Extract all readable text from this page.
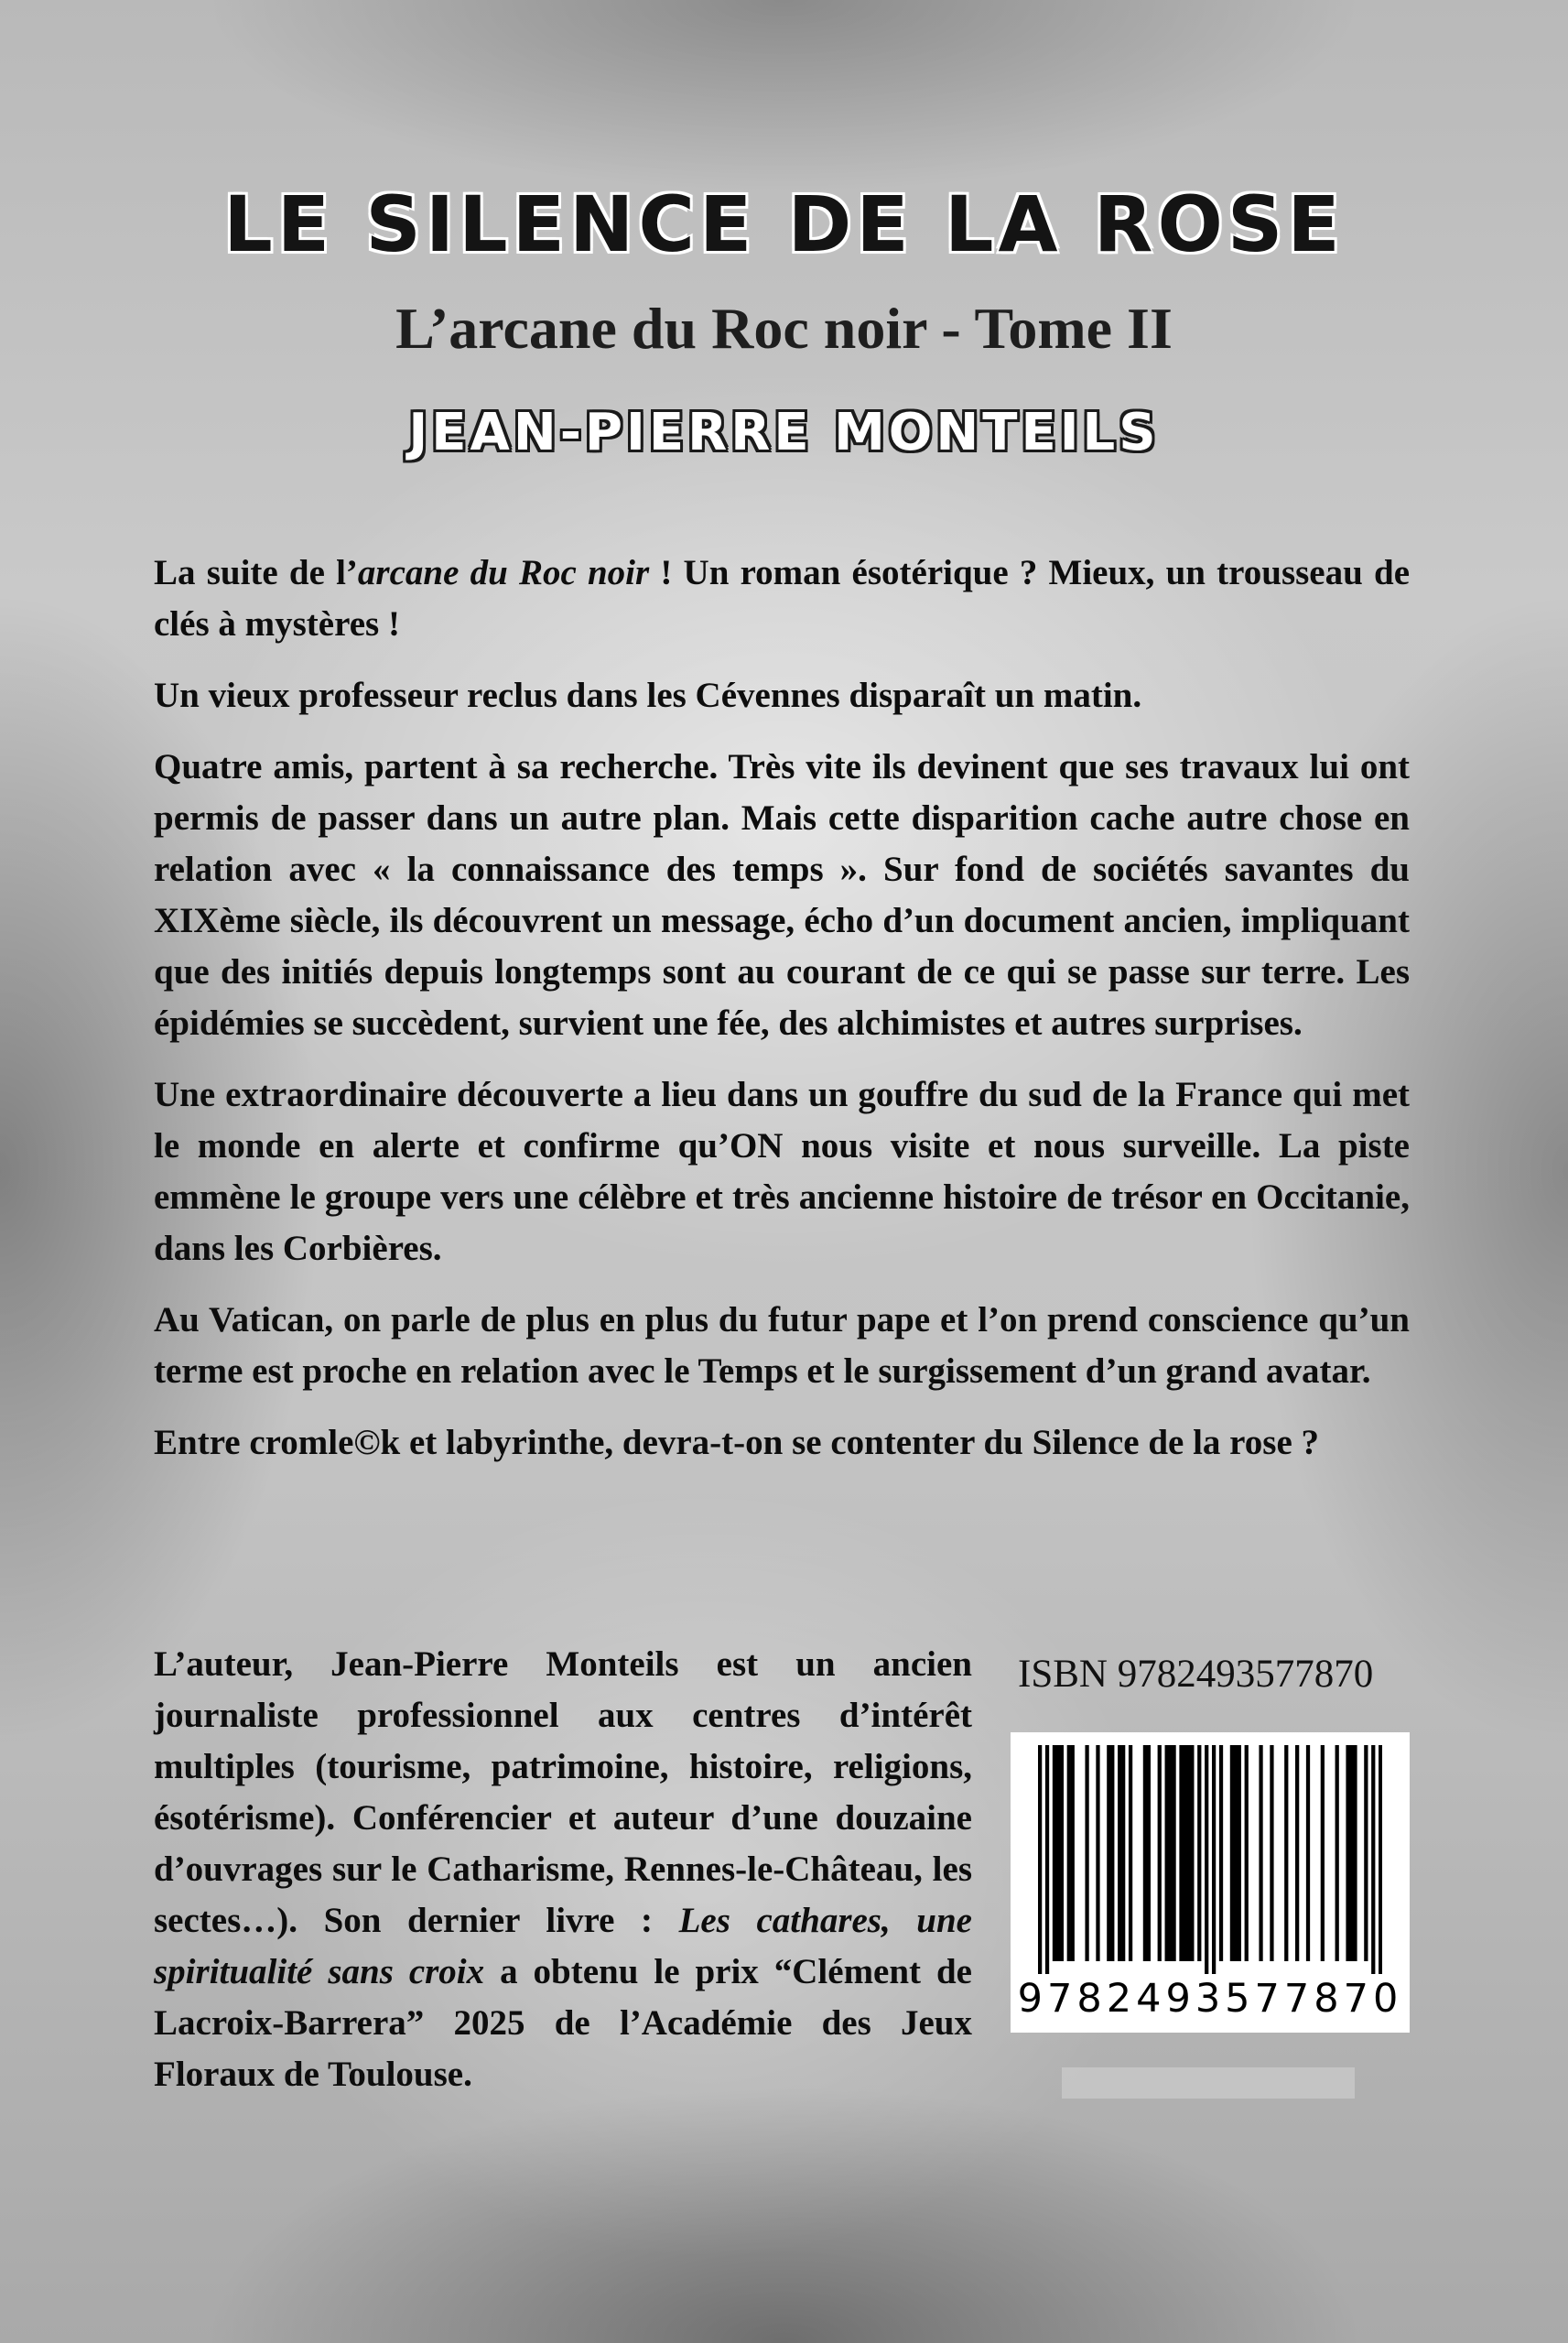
LE SILENCE DE LA ROSE
L’arcane du Roc noir - Tome II
JEAN-PIERRE MONTEILS

La suite de l’arcane du Roc noir ! Un roman ésotérique ? Mieux, un trousseau de clés à mystères !

Un vieux professeur reclus dans les Cévennes disparaît un matin.

Quatre amis, partent à sa recherche. Très vite ils devinent que ses travaux lui ont permis de passer dans un autre plan. Mais cette disparition cache autre chose en relation avec « la connaissance des temps ». Sur fond de sociétés savantes du XIXème siècle, ils découvrent un message, écho d’un document ancien, impliquant que des initiés depuis longtemps sont au courant de ce qui se passe sur terre. Les épidémies se succèdent, survient une fée, des alchimistes et autres surprises.

Une extraordinaire découverte a lieu dans un gouffre du sud de la France qui met le monde en alerte et confirme qu’ON nous visite et nous surveille. La piste emmène le groupe vers une célèbre et très ancienne histoire de trésor en Occitanie, dans les Corbières.

Au Vatican, on parle de plus en plus du futur pape et l’on prend conscience qu’un terme est proche en relation avec le Temps et le surgissement d’un grand avatar.

Entre cromle©k et labyrinthe, devra-t-on se contenter du Silence de la rose ?

L’auteur, Jean-Pierre Monteils est un ancien journaliste professionnel aux centres d’intérêt multiples (tourisme, patrimoine, histoire, religions, ésotérisme). Conférencier et auteur d’une douzaine d’ouvrages sur le Catharisme, Rennes-le-Château, les sectes…). Son dernier livre : Les cathares, une spiritualité sans croix a obtenu le prix “Clément de Lacroix-Barrera” 2025 de l’Académie des Jeux Floraux de Toulouse.

ISBN 9782493577870

9782493577870
